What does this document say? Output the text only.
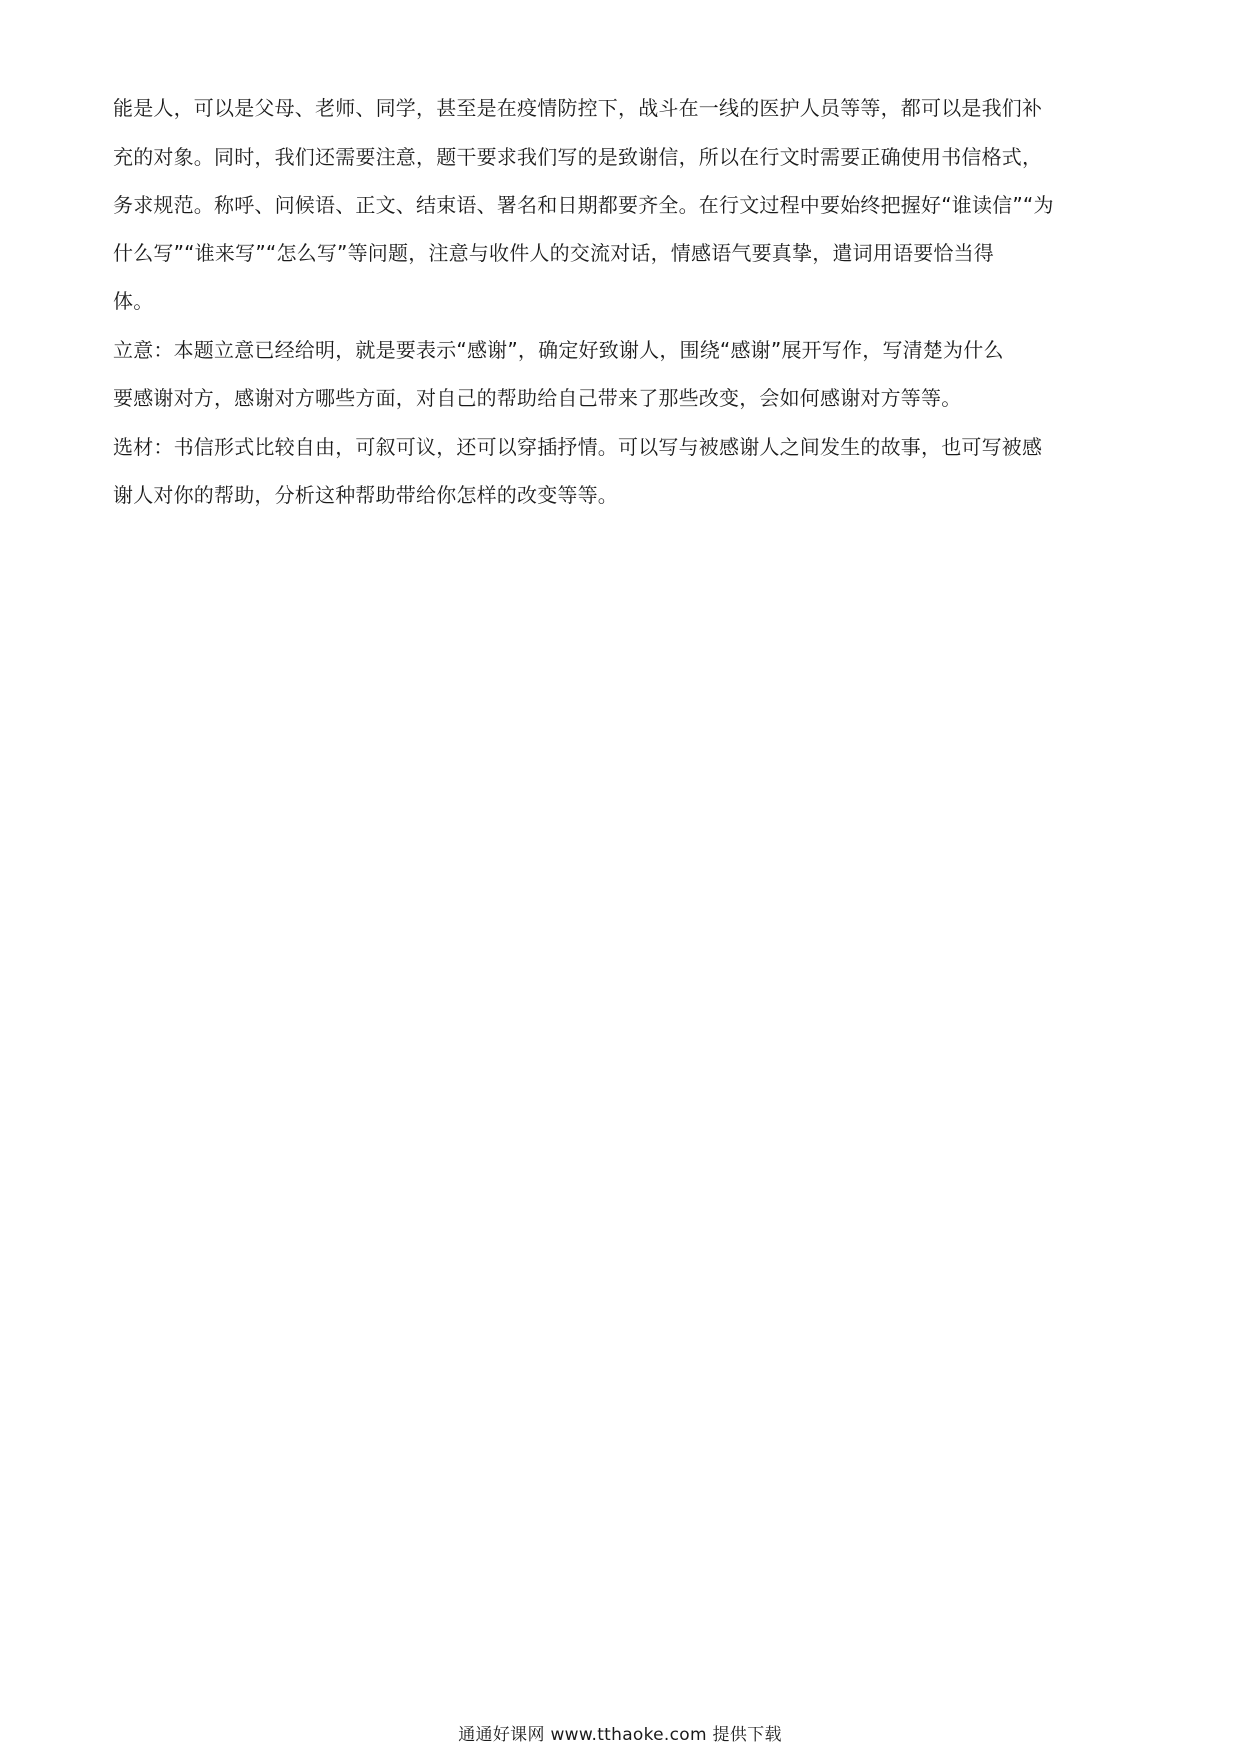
能是人，可以是父母、老师、同学，甚至是在疫情防控下，战斗在一线的医护人员等等，都可以是我们补
充的对象。同时，我们还需要注意，题干要求我们写的是致谢信，所以在行文时需要正确使用书信格式，
务求规范。称呼、问候语、正文、结束语、署名和日期都要齐全。在行文过程中要始终把握好“谁读信”“为
什么写”“谁来写”“怎么写”等问题，注意与收件人的交流对话，情感语气要真挚，遣词用语要恰当得
体。
立意：本题立意已经给明，就是要表示“感谢”，确定好致谢人，围绕“感谢”展开写作，写清楚为什么
要感谢对方，感谢对方哪些方面，对自己的帮助给自己带来了那些改变，会如何感谢对方等等。
选材：书信形式比较自由，可叙可议，还可以穿插抒情。可以写与被感谢人之间发生的故事，也可写被感
谢人对你的帮助，分析这种帮助带给你怎样的改变等等。
通通好课网 www.tthaoke.com 提供下载
